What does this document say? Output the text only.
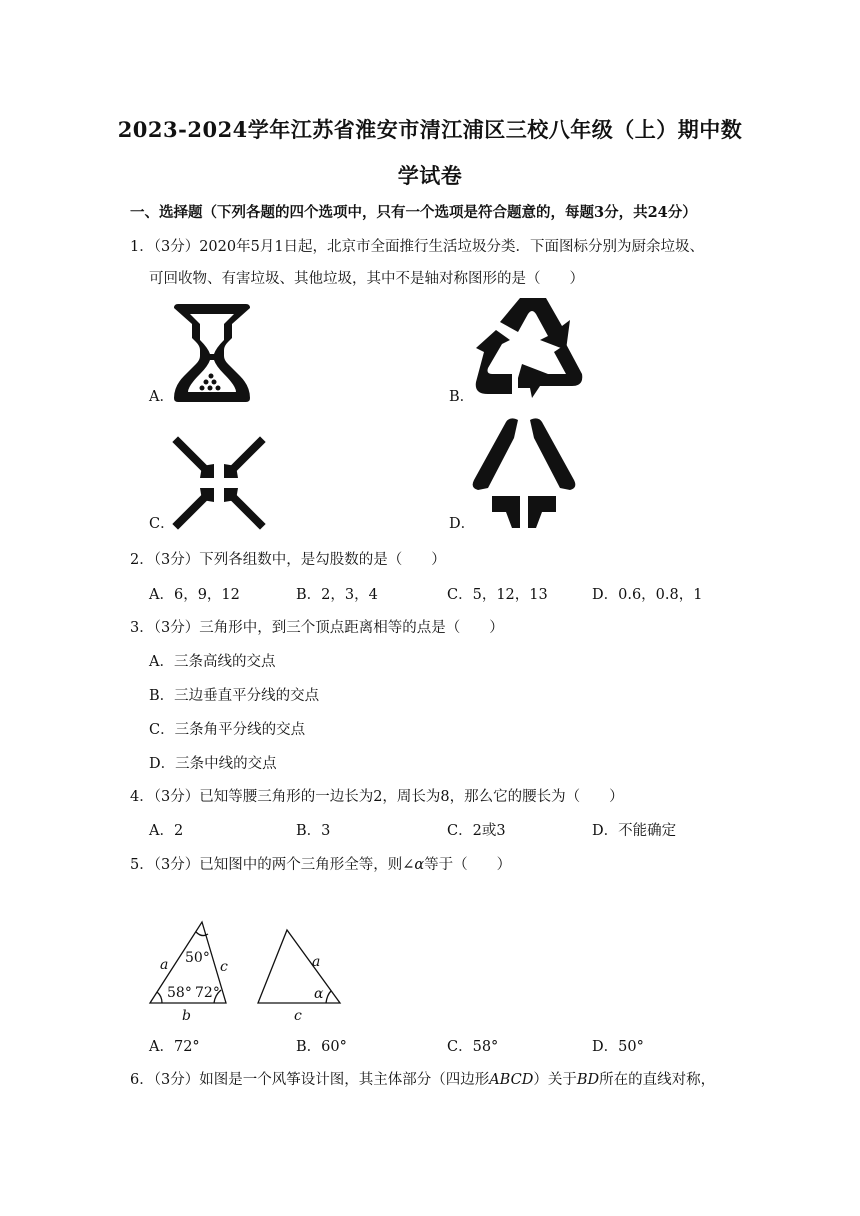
2023-2024学年江苏省淮安市清江浦区三校八年级（上）期中数
学试卷
一、选择题（下列各题的四个选项中，只有一个选项是符合题意的，每题3分，共24分）
1．（3分）2020年5月1日起，北京市全面推行生活垃圾分类．下面图标分别为厨余垃圾、
可回收物、有害垃圾、其他垃圾，其中不是轴对称图形的是（　　）
A．	B．
C．	D．
2．（3分）下列各组数中，是勾股数的是（　　）
A．6，9，12	B．2，3，4	C．5，12，13	D．0.6，0.8，1
3．（3分）三角形中，到三个顶点距离相等的点是（　　）
A．三条高线的交点
B．三边垂直平分线的交点
C．三条角平分线的交点
D．三条中线的交点
4．（3分）已知等腰三角形的一边长为2，周长为8，那么它的腰长为（　　）
A．2	B．3	C．2或3	D．不能确定
5．（3分）已知图中的两个三角形全等，则∠α等于（　　）
a	c
b
50°
58° 72°
a
c
α
A．72°	B．60°	C．58°	D．50°
6．（3分）如图是一个风筝设计图，其主体部分（四边形ABCD）关于BD所在的直线对称，
